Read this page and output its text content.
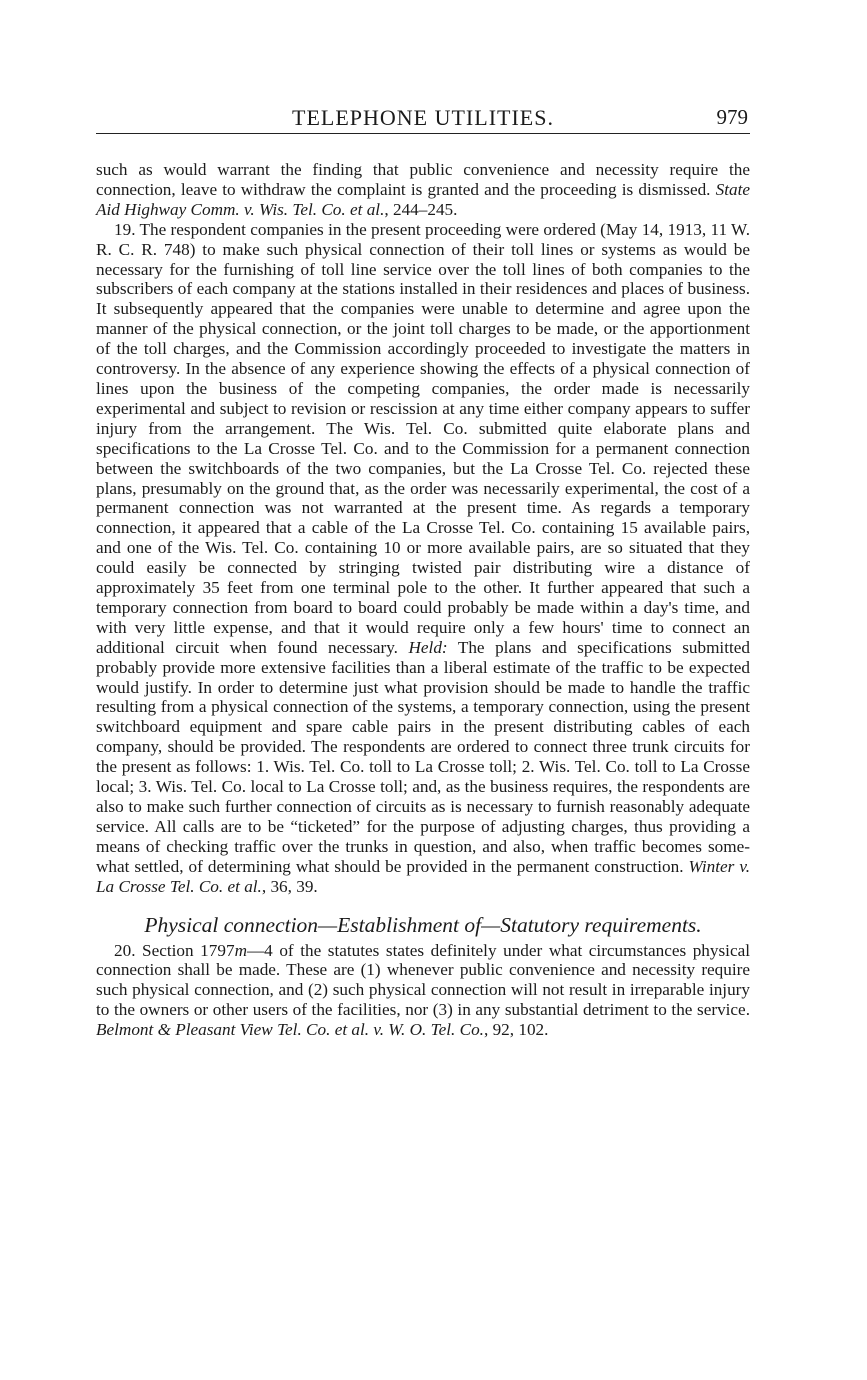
TELEPHONE UTILITIES.	979

such as would warrant the finding that public convenience and necessity require the connection, leave to withdraw the complaint is granted and the proceeding is dismissed. State Aid Highway Comm. v. Wis. Tel. Co. et al., 244–245.

19. The respondent companies in the present proceeding were ordered (May 14, 1913, 11 W. R. C. R. 748) to make such physical connection of their toll lines or systems as would be necessary for the furnishing of toll line service over the toll lines of both companies to the subscribers of each company at the stations installed in their residences and places of business. It subsequently appeared that the companies were unable to determine and agree upon the manner of the physical connection, or the joint toll charges to be made, or the apportionment of the toll charges, and the Commission accordingly proceeded to investigate the matters in controversy. In the absence of any experience showing the effects of a physical connection of lines upon the business of the competing companies, the order made is necessarily experimental and subject to revision or rescission at any time either company appears to suffer injury from the arrangement. The Wis. Tel. Co. submitted quite elaborate plans and specifications to the La Crosse Tel. Co. and to the Commission for a permanent connection between the switchboards of the two companies, but the La Crosse Tel. Co. rejected these plans, presumably on the ground that, as the order was necessarily experimental, the cost of a permanent connection was not warranted at the present time. As regards a temporary connection, it appeared that a cable of the La Crosse Tel. Co. containing 15 available pairs, and one of the Wis. Tel. Co. containing 10 or more available pairs, are so situated that they could easily be connected by stringing twisted pair distributing wire a distance of approximately 35 feet from one terminal pole to the other. It further appeared that such a temporary connection from board to board could probably be made within a day's time, and with very little expense, and that it would require only a few hours' time to connect an additional circuit when found necessary. Held: The plans and specifications submitted probably provide more extensive facilities than a liberal estimate of the traffic to be expected would justify. In order to determine just what provision should be made to handle the traffic resulting from a physical connection of the systems, a temporary connection, using the present switchboard equipment and spare cable pairs in the present distributing cables of each company, should be provided. The respondents are ordered to connect three trunk circuits for the present as follows: 1. Wis. Tel. Co. toll to La Crosse toll; 2. Wis. Tel. Co. toll to La Crosse local; 3. Wis. Tel. Co. local to La Crosse toll; and, as the business requires, the respondents are also to make such further connection of circuits as is necessary to furnish reasonably adequate service. All calls are to be “ticketed” for the purpose of adjusting charges, thus providing a means of checking traffic over the trunks in question, and also, when traffic becomes somewhat settled, of determining what should be provided in the permanent construction. Winter v. La Crosse Tel. Co. et al., 36, 39.

Physical connection—Establishment of—Statutory requirements.

20. Section 1797m—4 of the statutes states definitely under what circumstances physical connection shall be made. These are (1) whenever public convenience and necessity require such physical connection, and (2) such physical connection will not result in irreparable injury to the owners or other users of the facilities, nor (3) in any substantial detriment to the service. Belmont & Pleasant View Tel. Co. et al. v. W. O. Tel. Co., 92, 102.
